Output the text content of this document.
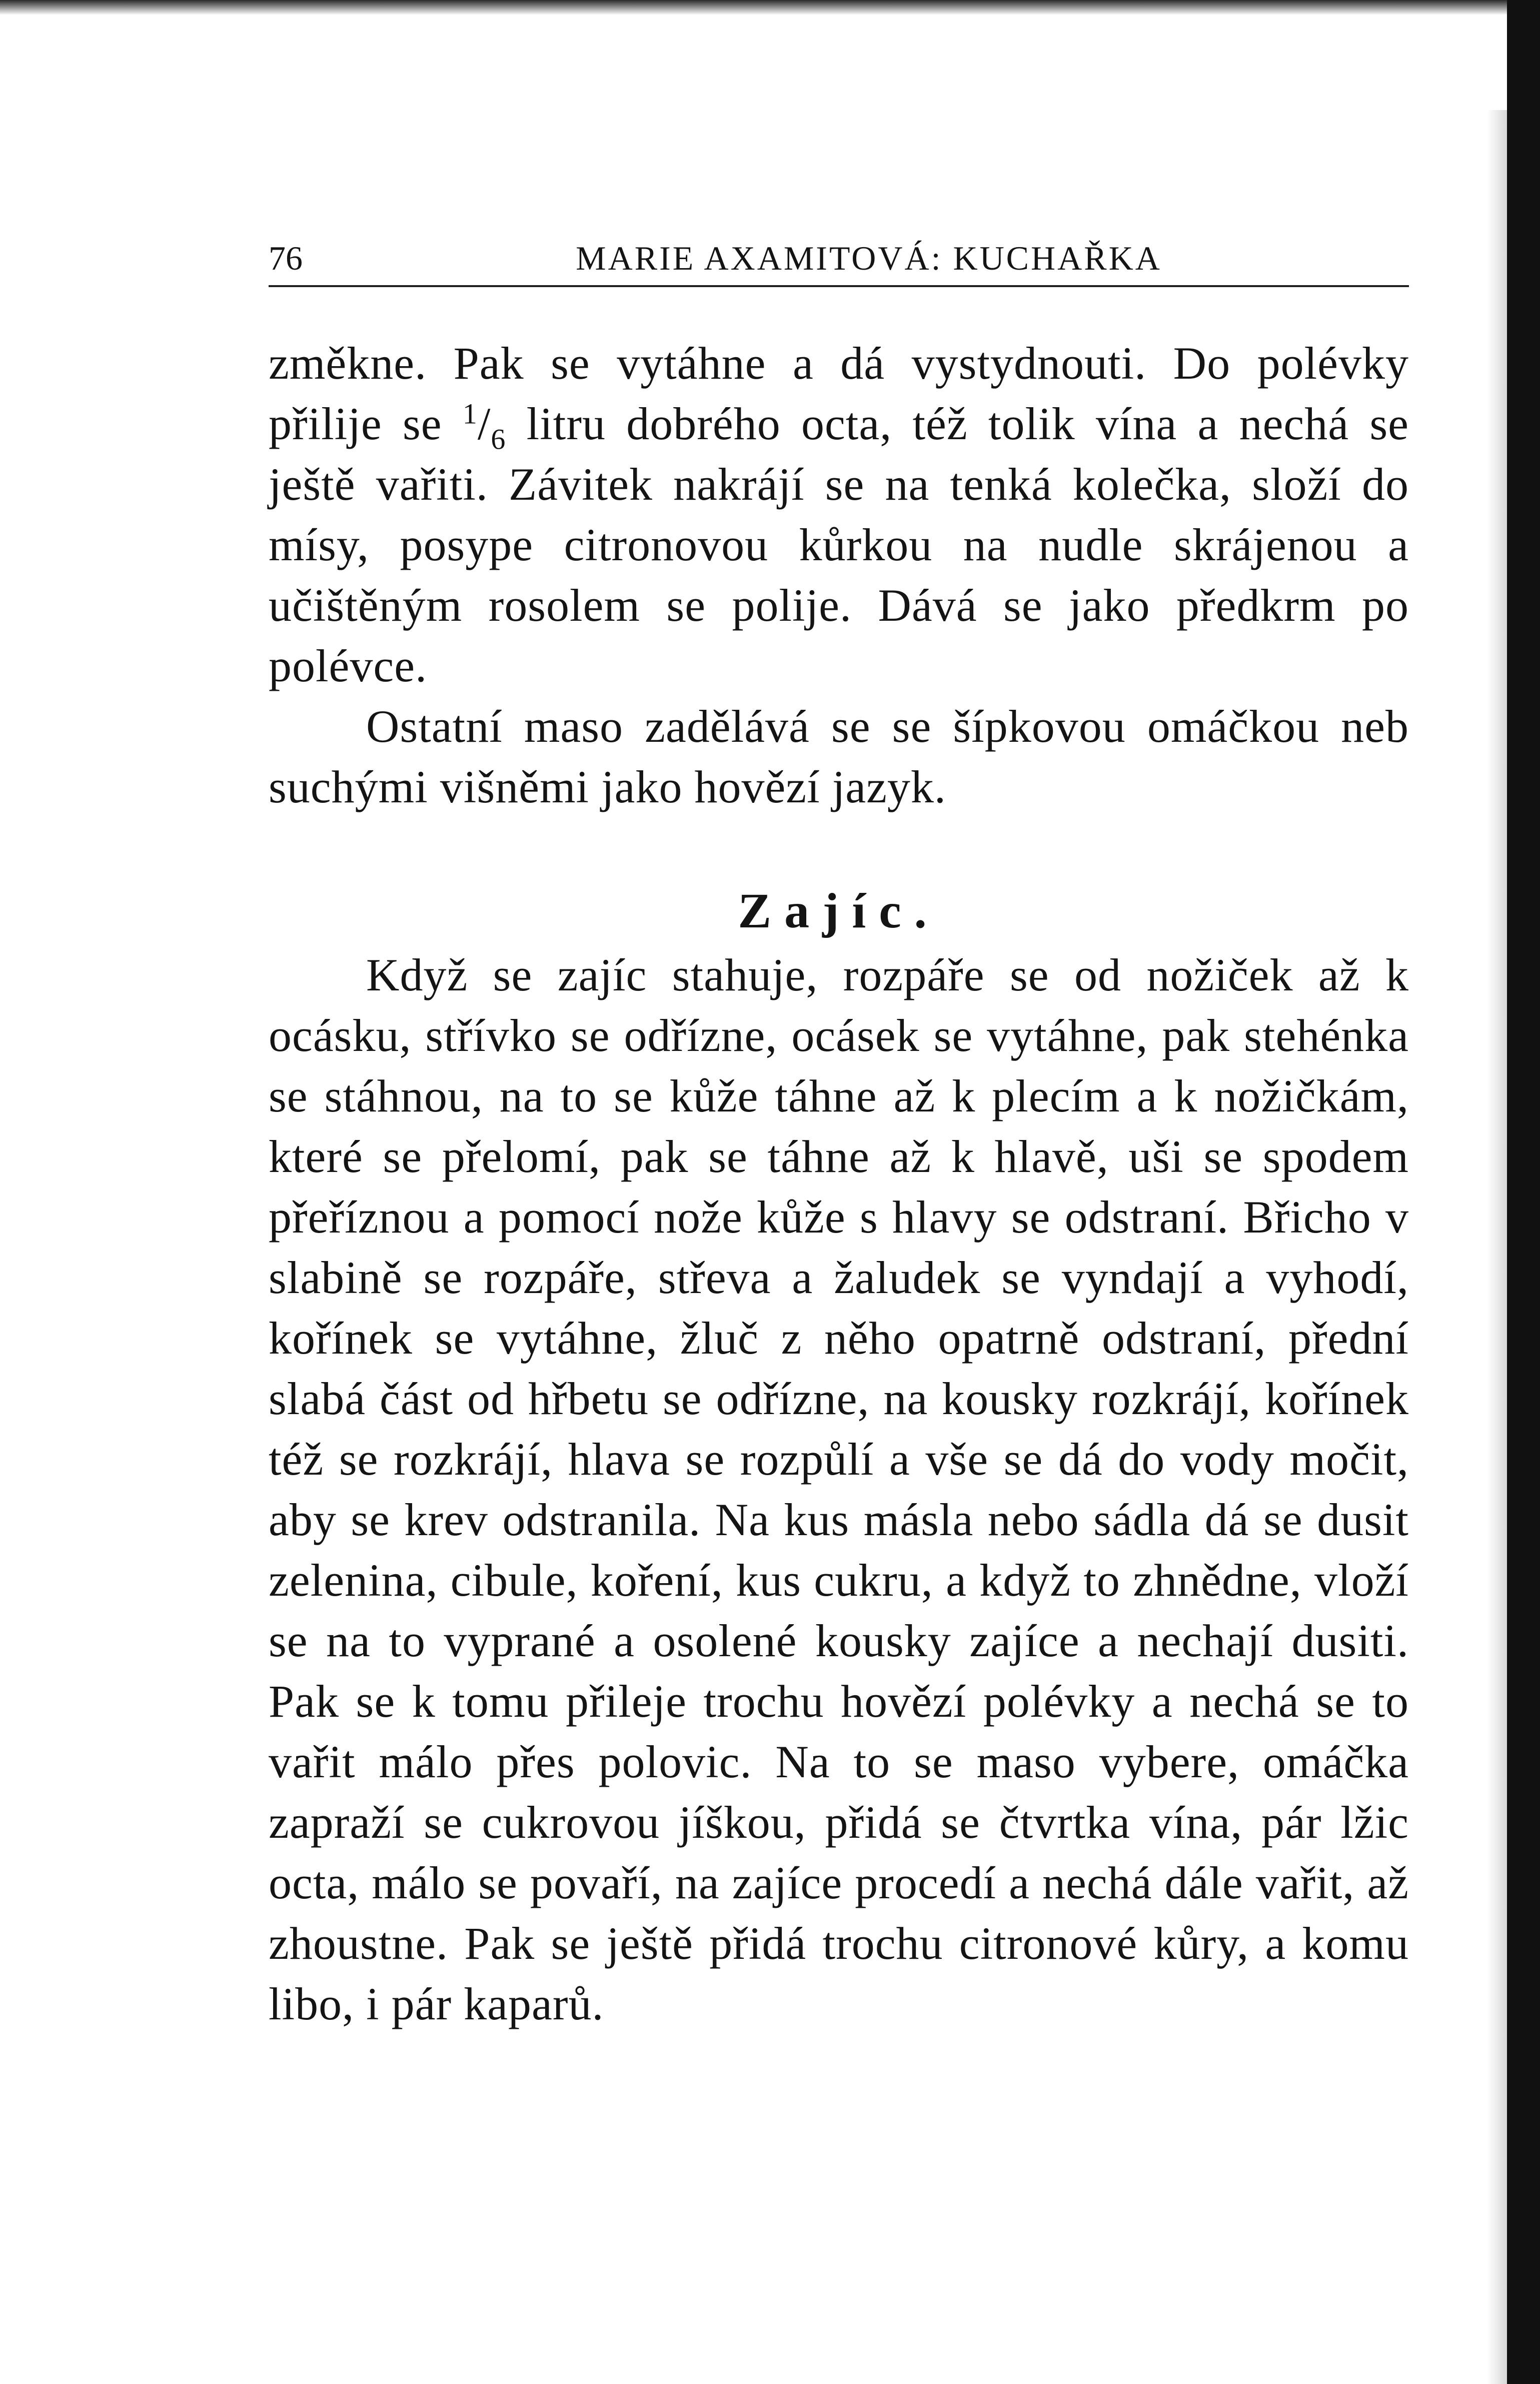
76	MARIE AXAMITOVÁ: KUCHAŘKA

změkne. Pak se vytáhne a dá vystydnouti. Do polévky přilije se $^1/_6$ litru dobrého octa, též tolik vína a nechá se ještě vařiti. Závitek nakrájí se na tenká kolečka, složí do mísy, posype citronovou kůrkou na nudle skrájenou a učištěným rosolem se polije. Dává se jako předkrm po polévce.

Ostatní maso zadělává se se šípkovou omáčkou neb suchými višněmi jako hovězí jazyk.

Zajíc.

Když se zajíc stahuje, rozpáře se od nožiček až k ocásku, střívko se odřízne, ocásek se vytáhne, pak stehénka se stáhnou, na to se kůže táhne až k plecím a k nožičkám, které se přelomí, pak se táhne až k hlavě, uši se spodem přeříznou a pomocí nože kůže s hlavy se odstraní. Břicho v slabině se rozpáře, střeva a žaludek se vyndají a vyhodí, kořínek se vytáhne, žluč z něho opatrně odstraní, přední slabá část od hřbetu se odřízne, na kousky rozkrájí, kořínek též se rozkrájí, hlava se rozpůlí a vše se dá do vody močit, aby se krev odstranila. Na kus másla nebo sádla dá se dusit zelenina, cibule, koření, kus cukru, a když to zhnědne, vloží se na to vyprané a osolené kousky zajíce a nechají dusiti. Pak se k tomu přileje trochu hovězí polévky a nechá se to vařit málo přes polovic. Na to se maso vybere, omáčka zapraží se cukrovou jíškou, přidá se čtvrtka vína, pár lžic octa, málo se povaří, na zajíce procedí a nechá dále vařit, až zhoustne. Pak se ještě přidá trochu citronové kůry, a komu libo, i pár kaparů.
